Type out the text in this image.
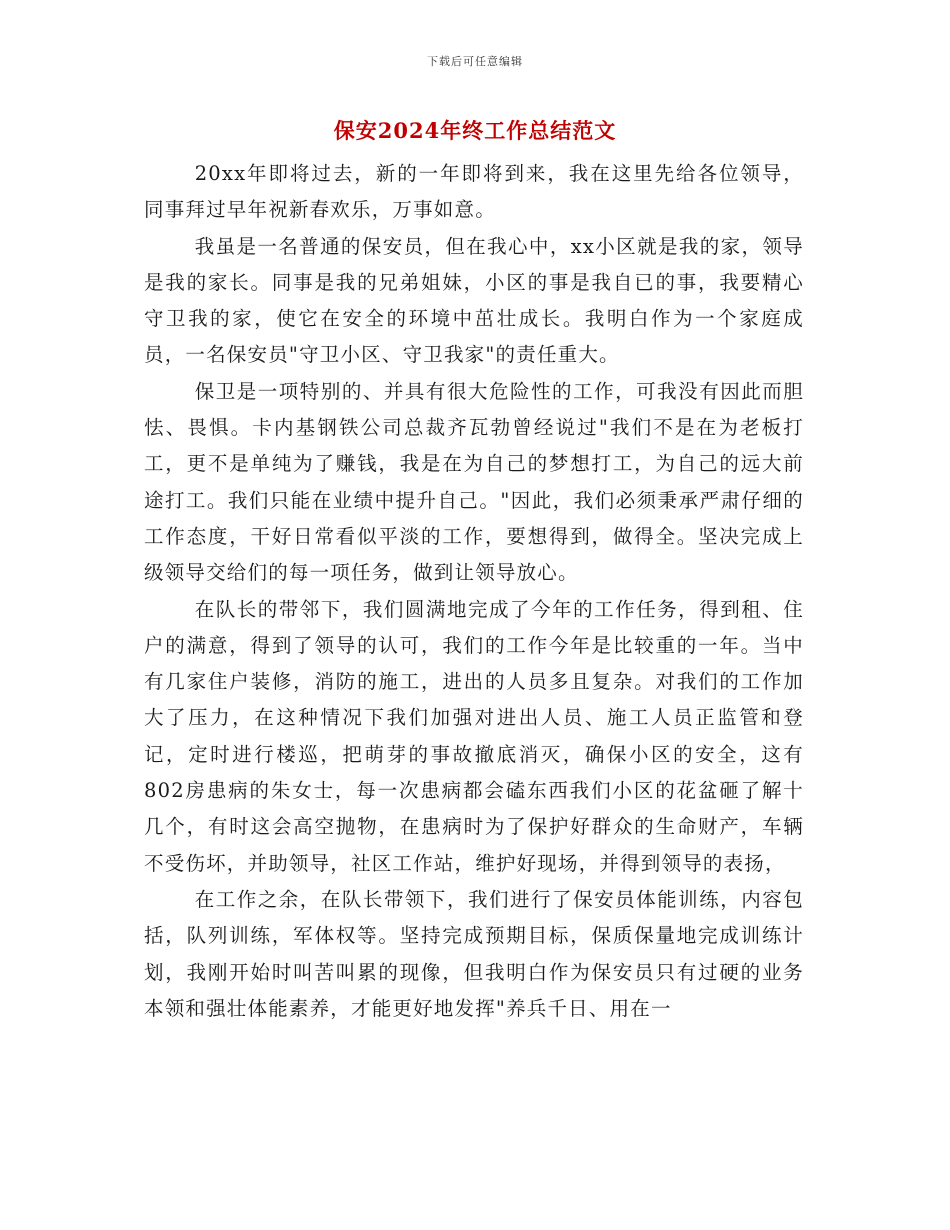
下载后可任意编辑
保安2024年终工作总结范文

20xx年即将过去，新的一年即将到来，我在这里先给各位领导，同事拜过早年祝新春欢乐，万事如意。

我虽是一名普通的保安员，但在我心中，xx小区就是我的家，领导是我的家长。同事是我的兄弟姐妹，小区的事是我自已的事，我要精心守卫我的家，使它在安全的环境中茁壮成长。我明白作为一个家庭成员，一名保安员"守卫小区、守卫我家"的责任重大。

保卫是一项特别的、并具有很大危险性的工作，可我没有因此而胆怯、畏惧。卡内基钢铁公司总裁齐瓦勃曾经说过"我们不是在为老板打工，更不是单纯为了赚钱，我是在为自己的梦想打工，为自己的远大前途打工。我们只能在业绩中提升自己。"因此，我们必须秉承严肃仔细的工作态度，干好日常看似平淡的工作，要想得到，做得全。坚决完成上级领导交给们的每一项任务，做到让领导放心。

在队长的带邻下，我们圆满地完成了今年的工作任务，得到租、住户的满意，得到了领导的认可，我们的工作今年是比较重的一年。当中有几家住户装修，消防的施工，进出的人员多且复杂。对我们的工作加大了压力，在这种情况下我们加强对进出人员、施工人员正监管和登记，定时进行楼巡，把萌芽的事故撤底消灭，确保小区的安全，这有802房患病的朱女士，每一次患病都会磕东西我们小区的花盆砸了解十几个，有时这会高空抛物，在患病时为了保护好群众的生命财产，车辆不受伤坏，并助领导，社区工作站，维护好现场，并得到领导的表扬，

在工作之余，在队长带领下，我们进行了保安员体能训练，内容包括，队列训练，军体权等。坚持完成预期目标，保质保量地完成训练计划，我刚开始时叫苦叫累的现像，但我明白作为保安员只有过硬的业务本领和强壮体能素养，才能更好地发挥"养兵千日、用在一
